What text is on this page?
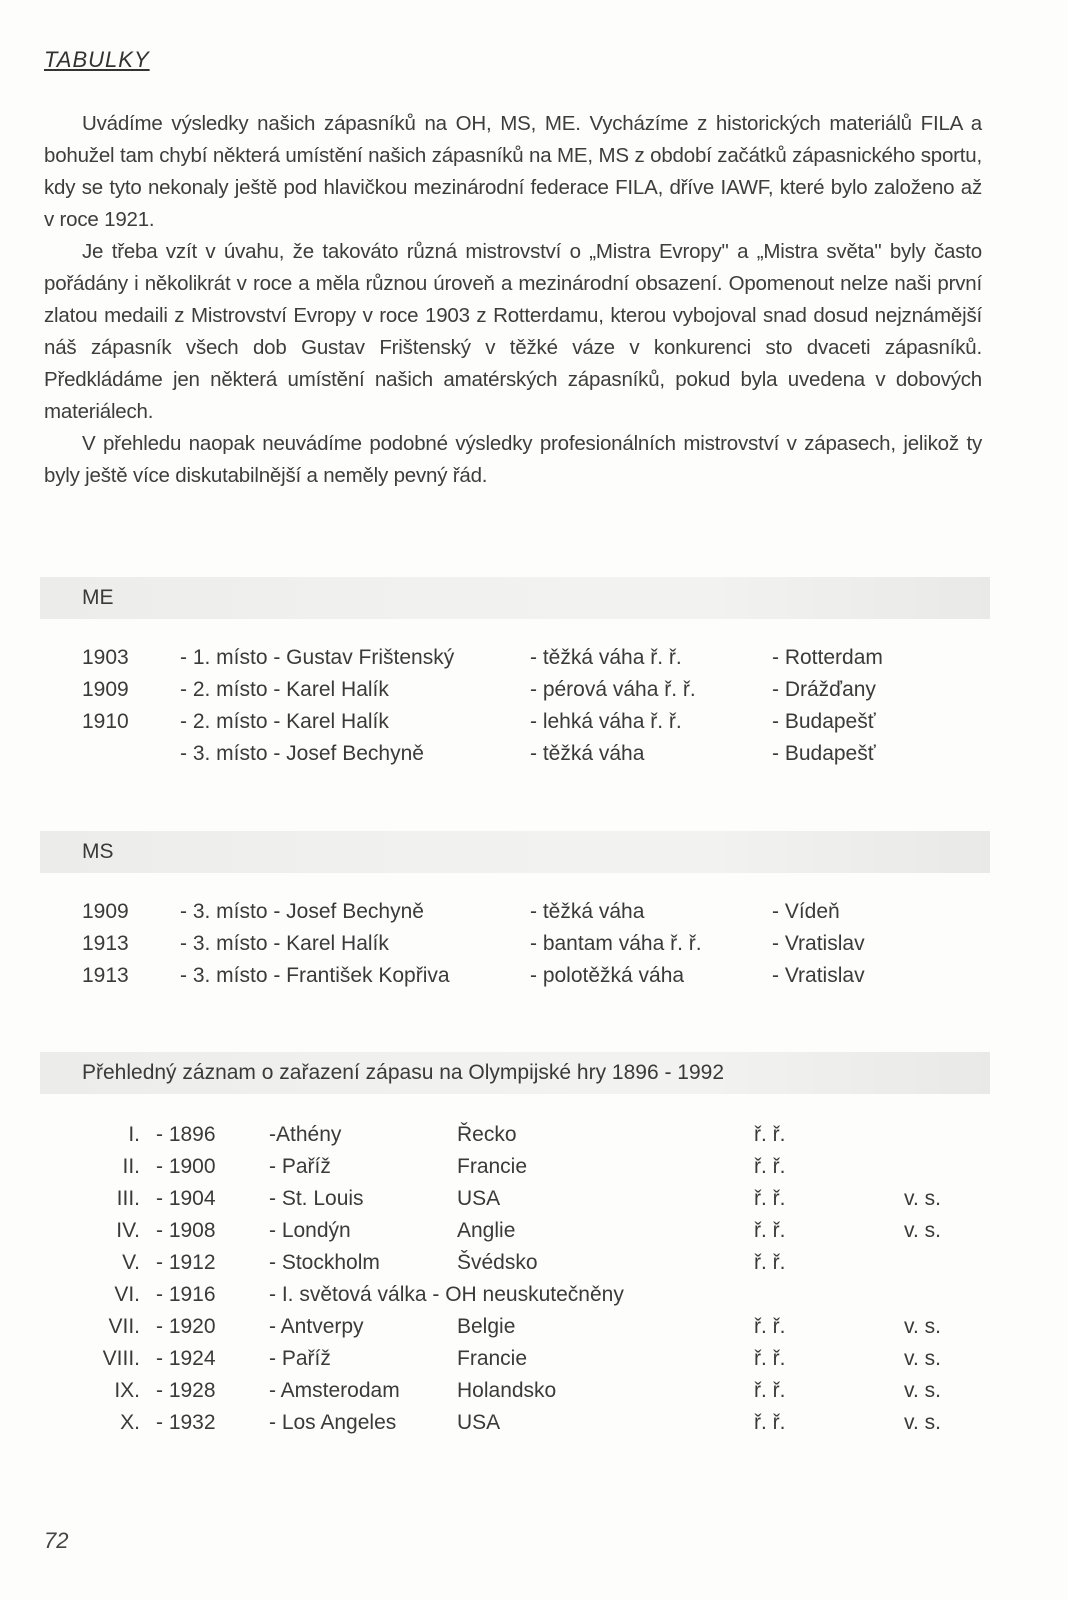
TABULKY

Uvádíme výsledky našich zápasníků na OH, MS, ME. Vycházíme z historických materiálů FILA a bohužel tam chybí některá umístění našich zápasníků na ME, MS z období začátků zápasnického sportu, kdy se tyto nekonaly ještě pod hlavičkou mezinárodní federace FILA, dříve IAWF, které bylo založeno až v roce 1921.

Je třeba vzít v úvahu, že takováto různá mistrovství o „Mistra Evropy" a „Mistra světa" byly často pořádány i několikrát v roce a měla různou úroveň a mezinárodní obsazení. Opomenout nelze naši první zlatou medaili z Mistrovství Evropy v roce 1903 z Rotterdamu, kterou vybojoval snad dosud nejznámější náš zápasník všech dob Gustav Frištenský v těžké váze v konkurenci sto dvaceti zápasníků. Předkládáme jen některá umístění našich amatérských zápasníků, pokud byla uvedena v dobových materiálech.

V přehledu naopak neuvádíme podobné výsledky profesionálních mistrovství v zápasech, jelikož ty byly ještě více diskutabilnější a neměly pevný řád.

ME
1903 - 1. místo - Gustav Frištenský	- těžká váha ř. ř.	- Rotterdam
1909 - 2. místo - Karel Halík	- pérová váha ř. ř.	- Drážďany
1910 - 2. místo - Karel Halík	- lehká váha ř. ř.	- Budapešť
- 3. místo - Josef Bechyně	- těžká váha	- Budapešť
MS
1909 - 3. místo - Josef Bechyně	- těžká váha	- Vídeň
1913 - 3. místo - Karel Halík	- bantam váha ř. ř.	- Vratislav
1913 - 3. místo - František Kopřiva	- polotěžká váha	- Vratislav
Přehledný záznam o zařazení zápasu na Olympijské hry 1896 - 1992
I. - 1896	-Athény	Řecko	ř. ř.
II. - 1900	- Paříž	Francie	ř. ř.
III. - 1904	- St. Louis	USA	ř. ř.	v. s.
IV. - 1908	- Londýn	Anglie	ř. ř.	v. s.
V. - 1912	- Stockholm	Švédsko	ř. ř.
VI. - 1916	- I. světová válka - OH neuskutečněny
VII. - 1920	- Antverpy	Belgie	ř. ř.	v. s.
VIII. - 1924	- Paříž	Francie	ř. ř.	v. s.
IX. - 1928	- Amsterodam	Holandsko	ř. ř.	v. s.
X. - 1932	- Los Angeles	USA	ř. ř.	v. s.
72
